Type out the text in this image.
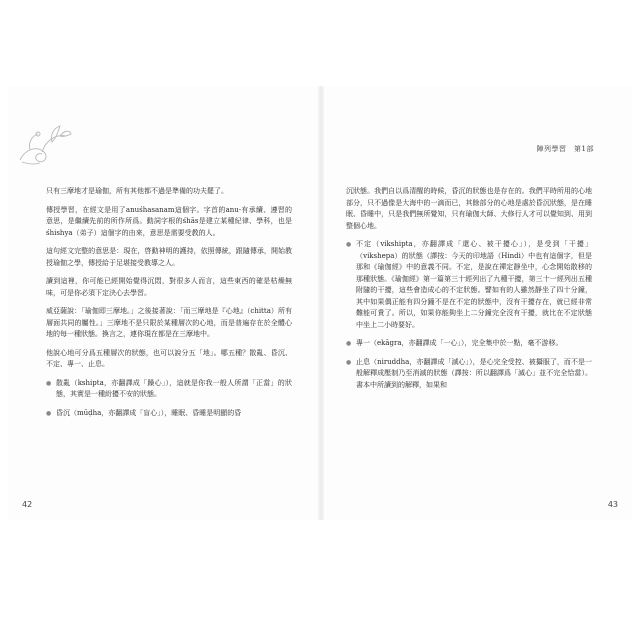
陣列學習　第1部

只有三摩地才是瑜伽，所有其他都不過是準備的功夫罷了。

傳授學習，在經文是用了anuśhasanam這個字。字首的anu-有承續、遵習的意思，是繼續先前的所作所爲。動詞字根的śhās是建立某種紀律、學科，也是śhishya（弟子）這個字的由來，意思是需要受教的人。

這句經文完整的意思是：現在，啓動神明的護持，依照傳統，跟隨傳承，開始教授瑜伽之學，傳授給于足堪接受教導之人。

讀到這裡，你可能已經開始覺得沉悶，對很多人而言，這些東西的確是枯燥無味，可是你必須下定決心去學習。

威亞薩說：「瑜伽即三摩地。」之後接著說：「而三摩地是『心地』（chitta）所有層面共同的屬性。」三摩地不是只限於某種層次的心地，而是普遍存在於全體心地的每一種狀態。換言之，連你現在都是在三摩地中。

他說心地可分爲五種層次的狀態，也可以說分五「地」。哪五種？散亂、昏沉、不定、專一、止息。

● 散亂（kshipta，亦翻譯成「躁心」），這就是你我一般人所謂「正當」的狀態，其實是一種紛擾不安的狀態。
● 昏沉（mūḍha，亦翻譯成「盲心」），睡眠、昏睡是明顯的昏

沉狀態。我們自以爲清醒的時候，昏沉的狀態也是存在的。我們平時所用的心地部分，只不過像是大海中的一滴而已，其餘部分的心地是處於昏沉狀態，是在睡眠、昏睡中，只是我們無所覺知，只有瑜伽大師、大修行人才可以覺知到、用到整個心地。

● 不定（vikshipta，亦翻譯成「還心、被干擾心」），是受到「干擾」（vikshepa）的狀態（譯按：今天的印地語（Hindi）中也有這個字，但是那和《瑜伽經》中的意義不同。不定，是說在禪定靜坐中，心念開始散移的那種狀態。《瑜伽經》第一篇第三十經列出了九種干擾，第三十一經列出五種附隨的干擾，這些會造成心的不定狀態。譬如有的人雖然靜坐了四十分鐘，其中如果偶正能有四分鐘不是在不定的狀態中，沒有干擾存在，就已經非常難能可貴了。所以，如果你能夠坐上二分鐘完全沒有干擾，就比在不定狀態中坐上二小時要好。
● 專一（ekāgra，亦翻譯成「一心」），完全集中於一點，毫不游移。
● 止息（niruddha，亦翻譯成「滅心」），是心完全受控、被攝服了，而不是一般解釋成壓制乃至消滅的狀態（譯按：所以翻譯爲「滅心」並不完全恰當）。書本中所讀到的解釋，如果和
42	43
